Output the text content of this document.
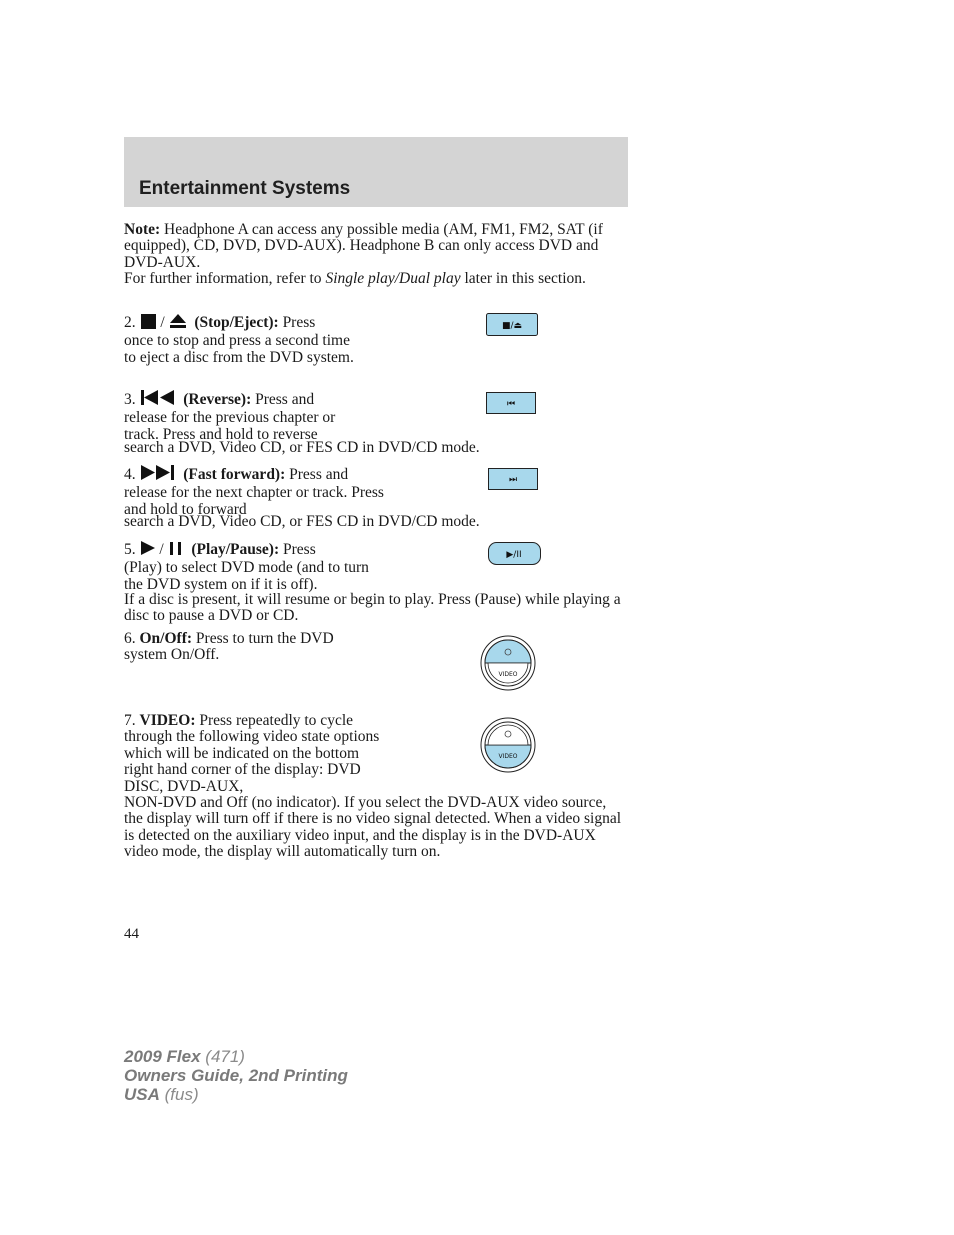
Entertainment Systems

Note: Headphone A can access any possible media (AM, FM1, FM2, SAT (if equipped), CD, DVD, DVD-AUX). Headphone B can only access DVD and DVD-AUX.

For further information, refer to Single play/Dual play later in this section.

2. / (Stop/Eject): Press
once to stop and press a second time to eject a disc from the DVD system.

■/⏏

3.	(Reverse): Press and
release for the previous chapter or track. Press and hold to reverse

search a DVD, Video CD, or FES CD in DVD/CD mode.

⏮

4.	(Fast forward): Press and
release for the next chapter or track. Press and hold to forward

search a DVD, Video CD, or FES CD in DVD/CD mode.

⏭

5. / (Play/Pause): Press
(Play) to select DVD mode (and to turn the DVD system on if it is off).

If a disc is present, it will resume or begin to play. Press (Pause) while playing a disc to pause a DVD or CD.

▶/II

6. On/Off: Press to turn the DVD
system On/Off.

VIDEO

7. VIDEO: Press repeatedly to cycle
through the following video state options which will be indicated on the bottom right hand corner of the display: DVD DISC, DVD-AUX,

NON-DVD and Off (no indicator). If you select the DVD-AUX video source, the display will turn off if there is no video signal detected. When a video signal is detected on the auxiliary video input, and the display is in the DVD-AUX video mode, the display will automatically turn on.

VIDEO
44
2009 Flex (471)
Owners Guide, 2nd Printing
USA (fus)
